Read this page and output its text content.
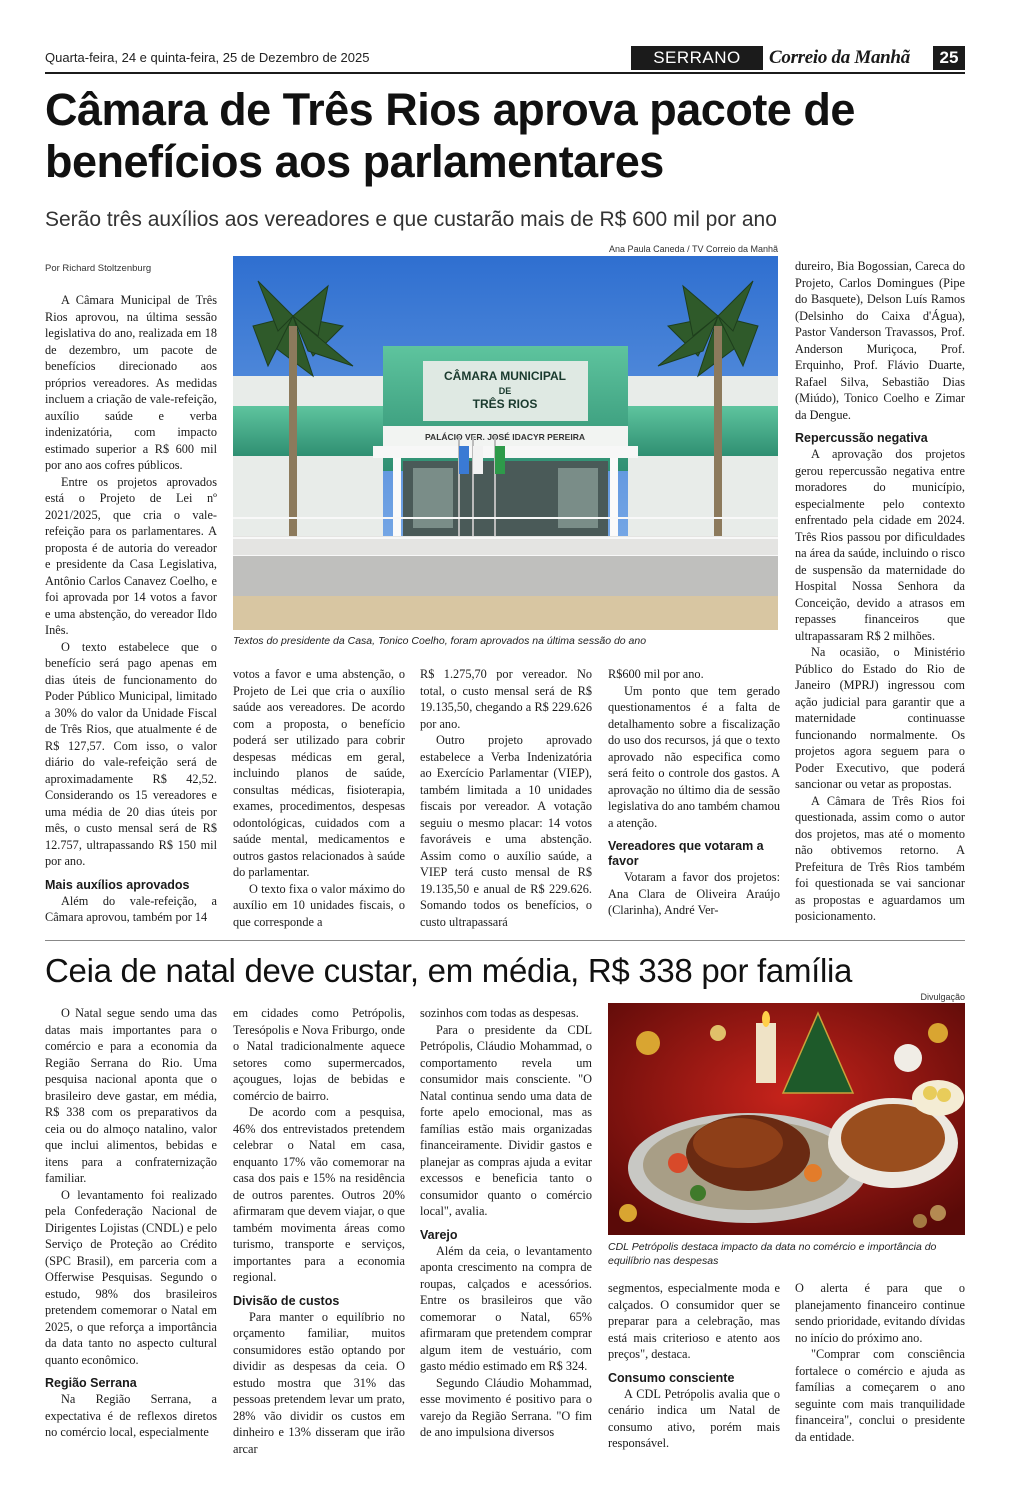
Quarta-feira, 24 e quinta-feira, 25 de Dezembro de 2025	SERRANO	Correio da Manhã	25
Câmara de Três Rios aprova pacote de benefícios aos parlamentares
Serão três auxílios aos vereadores e que custarão mais de R$ 600 mil por ano
Ana Paula Caneda / TV Correio da Manhã
Por Richard Stoltzenburg
CÂMARA MUNICIPAL
DE
TRÊS RIOS
PALÁCIO VER. JOSÉ IDACYR PEREIRA
Textos do presidente da Casa, Tonico Coelho, foram aprovados na última sessão do ano

A Câmara Municipal de Três Rios aprovou, na última sessão legislativa do ano, realizada em 18 de dezembro, um pacote de benefícios direcionado aos próprios vereadores. As medidas incluem a criação de vale-refeição, auxílio saúde e verba indenizatória, com impacto estimado superior a R$ 600 mil por ano aos cofres públicos.

Entre os projetos aprovados está o Projeto de Lei nº 2021/2025, que cria o vale-refeição para os parlamentares. A proposta é de autoria do vereador e presidente da Casa Legislativa, Antônio Carlos Canavez Coelho, e foi aprovada por 14 votos a favor e uma abstenção, do vereador Ildo Inês.

O texto estabelece que o benefício será pago apenas em dias úteis de funcionamento do Poder Público Municipal, limitado a 30% do valor da Unidade Fiscal de Três Rios, que atualmente é de R$ 127,57. Com isso, o valor diário do vale-refeição será de aproximadamente R$ 42,52. Considerando os 15 vereadores e uma média de 20 dias úteis por mês, o custo mensal será de R$ 12.757, ultrapassando R$ 150 mil por ano.

Mais auxílios aprovados

Além do vale-refeição, a Câmara aprovou, também por 14

votos a favor e uma abstenção, o Projeto de Lei que cria o auxílio saúde aos vereadores. De acordo com a proposta, o benefício poderá ser utilizado para cobrir despesas médicas em geral, incluindo planos de saúde, consultas médicas, fisioterapia, exames, procedimentos, despesas odontológicas, cuidados com a saúde mental, medicamentos e outros gastos relacionados à saúde do parlamentar.

O texto fixa o valor máximo do auxílio em 10 unidades fiscais, o que corresponde a

R$ 1.275,70 por vereador. No total, o custo mensal será de R$ 19.135,50, chegando a R$ 229.626 por ano.

Outro projeto aprovado estabelece a Verba Indenizatória ao Exercício Parlamentar (VIEP), também limitada a 10 unidades fiscais por vereador. A votação seguiu o mesmo placar: 14 votos favoráveis e uma abstenção. Assim como o auxílio saúde, a VIEP terá custo mensal de R$ 19.135,50 e anual de R$ 229.626. Somando todos os benefícios, o custo ultrapassará

R$600 mil por ano.

Um ponto que tem gerado questionamentos é a falta de detalhamento sobre a fiscalização do uso dos recursos, já que o texto aprovado não especifica como será feito o controle dos gastos. A aprovação no último dia de sessão legislativa do ano também chamou a atenção.

Vereadores que votaram a favor

Votaram a favor dos projetos: Ana Clara de Oliveira Araújo (Clarinha), André Ver-

dureiro, Bia Bogossian, Careca do Projeto, Carlos Domingues (Pipe do Basquete), Delson Luís Ramos (Delsinho do Caixa d'Água), Pastor Vanderson Travassos, Prof. Anderson Muriçoca, Prof. Erquinho, Prof. Flávio Duarte, Rafael Silva, Sebastião Dias (Miúdo), Tonico Coelho e Zimar da Dengue.

Repercussão negativa

A aprovação dos projetos gerou repercussão negativa entre moradores do município, especialmente pelo contexto enfrentado pela cidade em 2024. Três Rios passou por dificuldades na área da saúde, incluindo o risco de suspensão da maternidade do Hospital Nossa Senhora da Conceição, devido a atrasos em repasses financeiros que ultrapassaram R$ 2 milhões.

Na ocasião, o Ministério Público do Estado do Rio de Janeiro (MPRJ) ingressou com ação judicial para garantir que a maternidade continuasse funcionando normalmente. Os projetos agora seguem para o Poder Executivo, que poderá sancionar ou vetar as propostas.

A Câmara de Três Rios foi questionada, assim como o autor dos projetos, mas até o momento não obtivemos retorno. A Prefeitura de Três Rios também foi questionada se vai sancionar as propostas e aguardamos um posicionamento.

Ceia de natal deve custar, em média, R$ 338 por família
Divulgação
CDL Petrópolis destaca impacto da data no comércio e importância do equilíbrio nas despesas

O Natal segue sendo uma das datas mais importantes para o comércio e para a economia da Região Serrana do Rio. Uma pesquisa nacional aponta que o brasileiro deve gastar, em média, R$ 338 com os preparativos da ceia ou do almoço natalino, valor que inclui alimentos, bebidas e itens para a confraternização familiar.

O levantamento foi realizado pela Confederação Nacional de Dirigentes Lojistas (CNDL) e pelo Serviço de Proteção ao Crédito (SPC Brasil), em parceria com a Offerwise Pesquisas. Segundo o estudo, 98% dos brasileiros pretendem comemorar o Natal em 2025, o que reforça a importância da data tanto no aspecto cultural quanto econômico.

Região Serrana

Na Região Serrana, a expectativa é de reflexos diretos no comércio local, especialmente

em cidades como Petrópolis, Teresópolis e Nova Friburgo, onde o Natal tradicionalmente aquece setores como supermercados, açougues, lojas de bebidas e comércio de bairro.

De acordo com a pesquisa, 46% dos entrevistados pretendem celebrar o Natal em casa, enquanto 17% vão comemorar na casa dos pais e 15% na residência de outros parentes. Outros 20% afirmaram que devem viajar, o que também movimenta áreas como turismo, transporte e serviços, importantes para a economia regional.

Divisão de custos

Para manter o equilíbrio no orçamento familiar, muitos consumidores estão optando por dividir as despesas da ceia. O estudo mostra que 31% das pessoas pretendem levar um prato, 28% vão dividir os custos em dinheiro e 13% disseram que irão arcar

sozinhos com todas as despesas.

Para o presidente da CDL Petrópolis, Cláudio Mohammad, o comportamento revela um consumidor mais consciente. "O Natal continua sendo uma data de forte apelo emocional, mas as famílias estão mais organizadas financeiramente. Dividir gastos e planejar as compras ajuda a evitar excessos e beneficia tanto o consumidor quanto o comércio local", avalia.

Varejo

Além da ceia, o levantamento aponta crescimento na compra de roupas, calçados e acessórios. Entre os brasileiros que vão comemorar o Natal, 65% afirmaram que pretendem comprar algum item de vestuário, com gasto médio estimado em R$ 324.

Segundo Cláudio Mohammad, esse movimento é positivo para o varejo da Região Serrana. "O fim de ano impulsiona diversos

segmentos, especialmente moda e calçados. O consumidor quer se preparar para a celebração, mas está mais criterioso e atento aos preços", destaca.

Consumo consciente

A CDL Petrópolis avalia que o cenário indica um Natal de consumo ativo, porém mais responsável.

O alerta é para que o planejamento financeiro continue sendo prioridade, evitando dívidas no início do próximo ano.

"Comprar com consciência fortalece o comércio e ajuda as famílias a começarem o ano seguinte com mais tranquilidade financeira", conclui o presidente da entidade.
